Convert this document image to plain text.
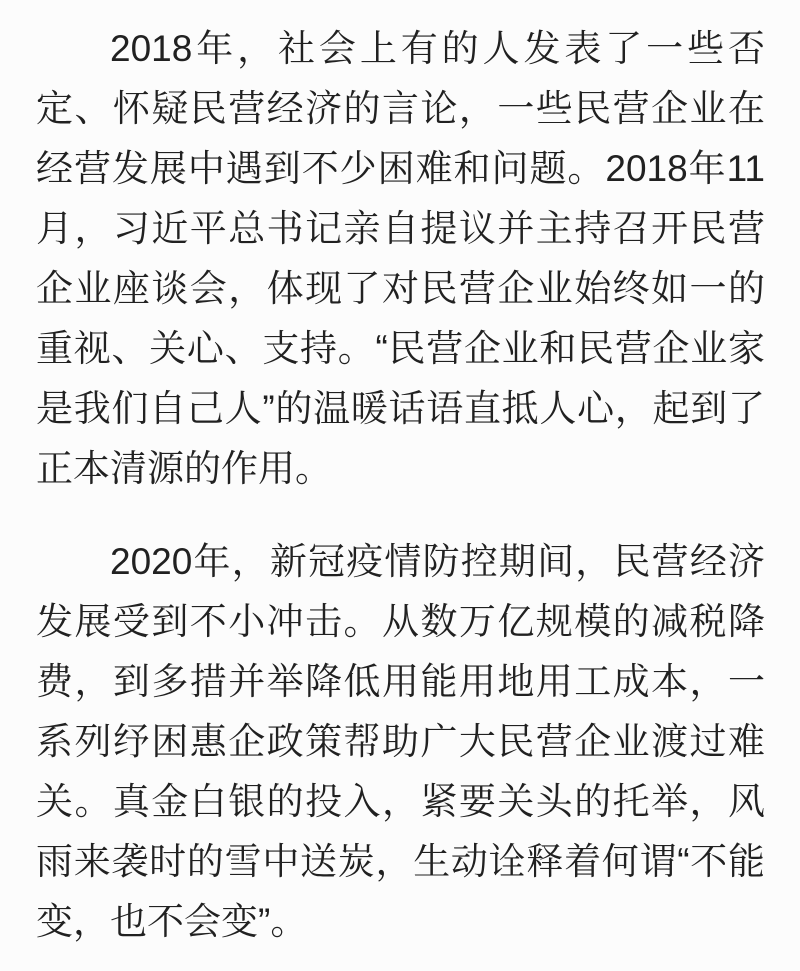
2018年，社会上有的人发表了一些否定、怀疑民营经济的言论，一些民营企业在经营发展中遇到不少困难和问题。2018年11月，习近平总书记亲自提议并主持召开民营企业座谈会，体现了对民营企业始终如一的重视、关心、支持。“民营企业和民营企业家是我们自己人”的温暖话语直抵人心，起到了正本清源的作用。

2020年，新冠疫情防控期间，民营经济发展受到不小冲击。从数万亿规模的减税降费，到多措并举降低用能用地用工成本，一系列纾困惠企政策帮助广大民营企业渡过难关。真金白银的投入，紧要关头的托举，风雨来袭时的雪中送炭，生动诠释着何谓“不能变，也不会变”。
